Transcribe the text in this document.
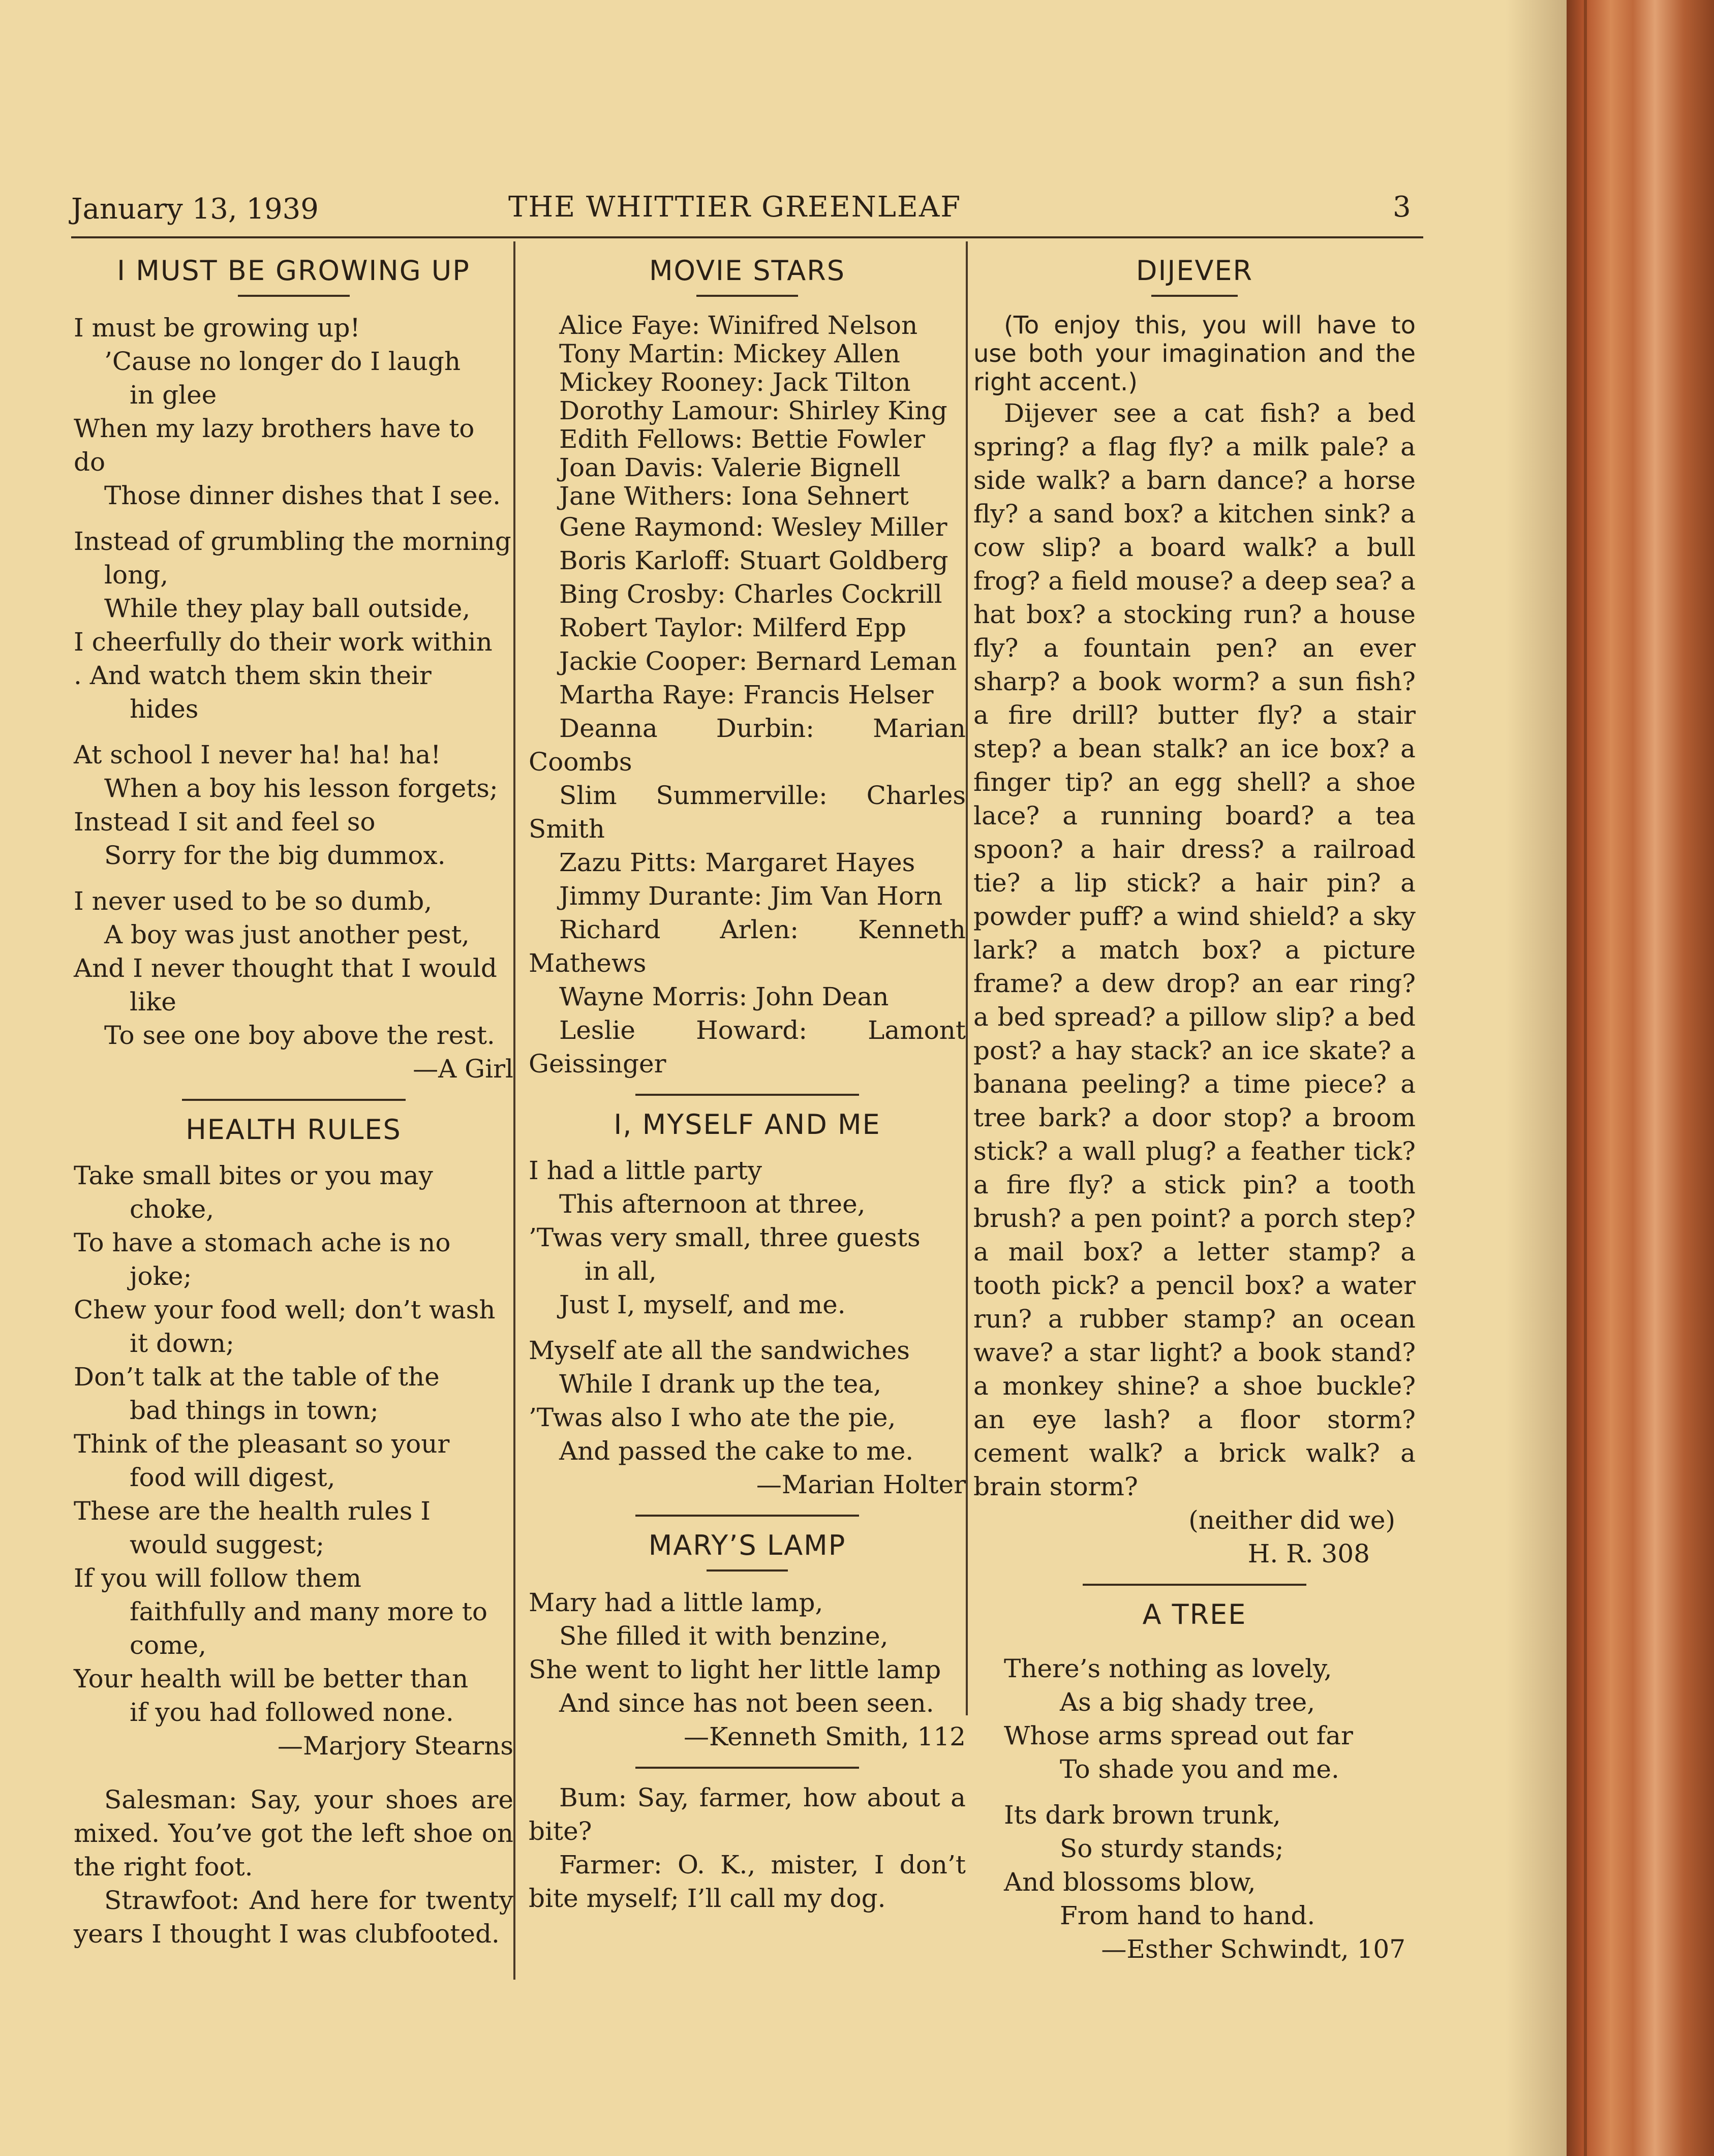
January 13, 1939	THE WHITTIER GREENLEAF	3

I MUST BE GROWING UP

I must be growing up!

’Cause no longer do I laugh

in glee

When my lazy brothers have to do

Those dinner dishes that I see.

Instead of grumbling the morning

long,

While they play ball outside,

I cheerfully do their work within

. And watch them skin their

hides

At school I never ha! ha! ha!

When a boy his lesson forgets;

Instead I sit and feel so

Sorry for the big dummox.

I never used to be so dumb,

A boy was just another pest,

And I never thought that I would

like

To see one boy above the rest.

—A Girl

HEALTH RULES

Take small bites or you may

choke,

To have a stomach ache is no

joke;

Chew your food well; don’t wash

it down;

Don’t talk at the table of the

bad things in town;

Think of the pleasant so your

food will digest,

These are the health rules I

would suggest;

If you will follow them

faithfully and many more to

come,

Your health will be better than

if you had followed none.

—Marjory Stearns

Salesman: Say, your shoes are mixed. You’ve got the left shoe on the right foot.

Strawfoot: And here for twenty years I thought I was clubfooted.

MOVIE STARS

Alice Faye: Winifred Nelson

Tony Martin: Mickey Allen

Mickey Rooney: Jack Tilton

Dorothy Lamour: Shirley King

Edith Fellows: Bettie Fowler

Joan Davis: Valerie Bignell

Jane Withers: Iona Sehnert

Gene Raymond: Wesley Miller

Boris Karloff: Stuart Goldberg

Bing Crosby: Charles Cockrill

Robert Taylor: Milferd Epp

Jackie Cooper: Bernard Leman

Martha Raye: Francis Helser

Deanna Durbin: Marian Coombs

Slim Summerville: Charles Smith

Zazu Pitts: Margaret Hayes

Jimmy Durante: Jim Van Horn

Richard Arlen: Kenneth Mathews

Wayne Morris: John Dean

Leslie Howard: Lamont Geissinger

I, MYSELF AND ME

I had a little party

This afternoon at three,

’Twas very small, three guests

in all,

Just I, myself, and me.

Myself ate all the sandwiches

While I drank up the tea,

’Twas also I who ate the pie,

And passed the cake to me.

—Marian Holter

MARY’S LAMP

Mary had a little lamp,

She filled it with benzine,

She went to light her little lamp

And since has not been seen.

—Kenneth Smith, 112

Bum: Say, farmer, how about a bite?

Farmer: O. K., mister, I don’t bite myself; I’ll call my dog.

DIJEVER

(To enjoy this, you will have to use both your imagination and the right accent.)

Dijever see a cat fish? a bed spring? a flag fly? a milk pale? a side walk? a barn dance? a horse fly? a sand box? a kitchen sink? a cow slip? a board walk? a bull frog? a field mouse? a deep sea? a hat box? a stocking run? a house fly? a fountain pen? an ever sharp? a book worm? a sun fish? a fire drill? butter fly? a stair step? a bean stalk? an ice box? a finger tip? an egg shell? a shoe lace? a running board? a tea spoon? a hair dress? a railroad tie? a lip stick? a hair pin? a powder puff? a wind shield? a sky lark? a match box? a picture frame? a dew drop? an ear ring? a bed spread? a pillow slip? a bed post? a hay stack? an ice skate? a banana peeling? a time piece? a tree bark? a door stop? a broom stick? a wall plug? a feather tick? a fire fly? a stick pin? a tooth brush? a pen point? a porch step? a mail box? a letter stamp? a tooth pick? a pencil box? a water run? a rubber stamp? an ocean wave? a star light? a book stand? a monkey shine? a shoe buckle? an eye lash? a floor storm? cement walk? a brick walk? a brain storm?

(neither did we)

H. R. 308

A TREE

There’s nothing as lovely,

As a big shady tree,

Whose arms spread out far

To shade you and me.

Its dark brown trunk,

So sturdy stands;

And blossoms blow,

From hand to hand.

—Esther Schwindt, 107
